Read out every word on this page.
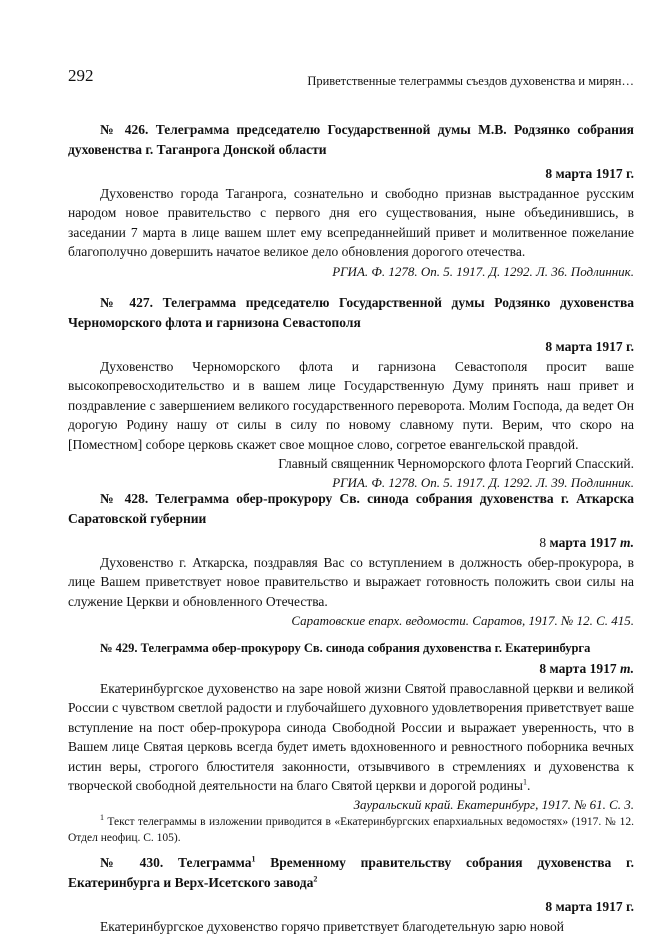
292	Приветственные телеграммы съездов духовенства и мирян…

№ 426. Телеграмма председателю Государственной думы М.В. Родзянко собрания духовенства г. Таганрога Донской области

8 марта 1917 г.

Духовенство города Таганрога, сознательно и свободно признав выстраданное русским народом новое правительство с первого дня его существования, ныне объединившись, в заседании 7 марта в лице вашем шлет ему всепреданнейший привет и молитвенное пожелание благополучно довершить начатое великое дело обновления дорогого отечества.

РГИА. Ф. 1278. Оп. 5. 1917. Д. 1292. Л. 36. Подлинник.

№ 427. Телеграмма председателю Государственной думы Родзянко духовенства Черноморского флота и гарнизона Севастополя

8 марта 1917 г.

Духовенство Черноморского флота и гарнизона Севастополя просит ваше высокопревосходительство и в вашем лице Государственную Думу принять наш привет и поздравление с завершением великого государственного переворота. Молим Господа, да ведет Он дорогую Родину нашу от силы в силу по новому славному пути. Верим, что скоро на [Поместном] соборе церковь скажет свое мощное слово, согретое евангельской правдой.

Главный священник Черноморского флота Георгий Спасский.

РГИА. Ф. 1278. Оп. 5. 1917. Д. 1292. Л. 39. Подлинник.

№ 428. Телеграмма обер-прокурору Св. синода собрания духовенства г. Аткарска Саратовской губернии

8 марта 1917 т.

Духовенство г. Аткарска, поздравляя Вас со вступлением в должность обер-прокурора, в лице Вашем приветствует новое правительство и выражает готовность положить свои силы на служение Церкви и обновленного Отечества.

Саратовские епарх. ведомости. Саратов, 1917. № 12. С. 415.

№ 429. Телеграмма обер-прокурору Св. синода собрания духовенства г. Екатеринбурга

8 марта 1917 т.

Екатеринбургское духовенство на заре новой жизни Святой православной церкви и великой России с чувством светлой радости и глубочайшего духовного удовлетворения приветствует ваше вступление на пост обер-прокурора синода Свободной России и выражает уверенность, что в Вашем лице Святая церковь всегда будет иметь вдохновенного и ревностного поборника вечных истин веры, строгого блюстителя законности, отзывчивого в стремлениях и духовенства к творческой свободной деятельности на благо Святой церкви и дорогой родины$^1$.

Зауральский край. Екатеринбург, 1917. № 61. С. 3.

$^1$ Текст телеграммы в изложении приводится в «Екатеринбургских епархиальных ведомостях» (1917. № 12. Отдел неофиц. С. 105).

№ 430. Телеграмма$^1$ Временному правительству собрания духовенства г. Екатеринбурга и Верх-Исетского завода$^2$

8 марта 1917 г.

Екатеринбургское духовенство горячо приветствует благодетельную зарю новой
